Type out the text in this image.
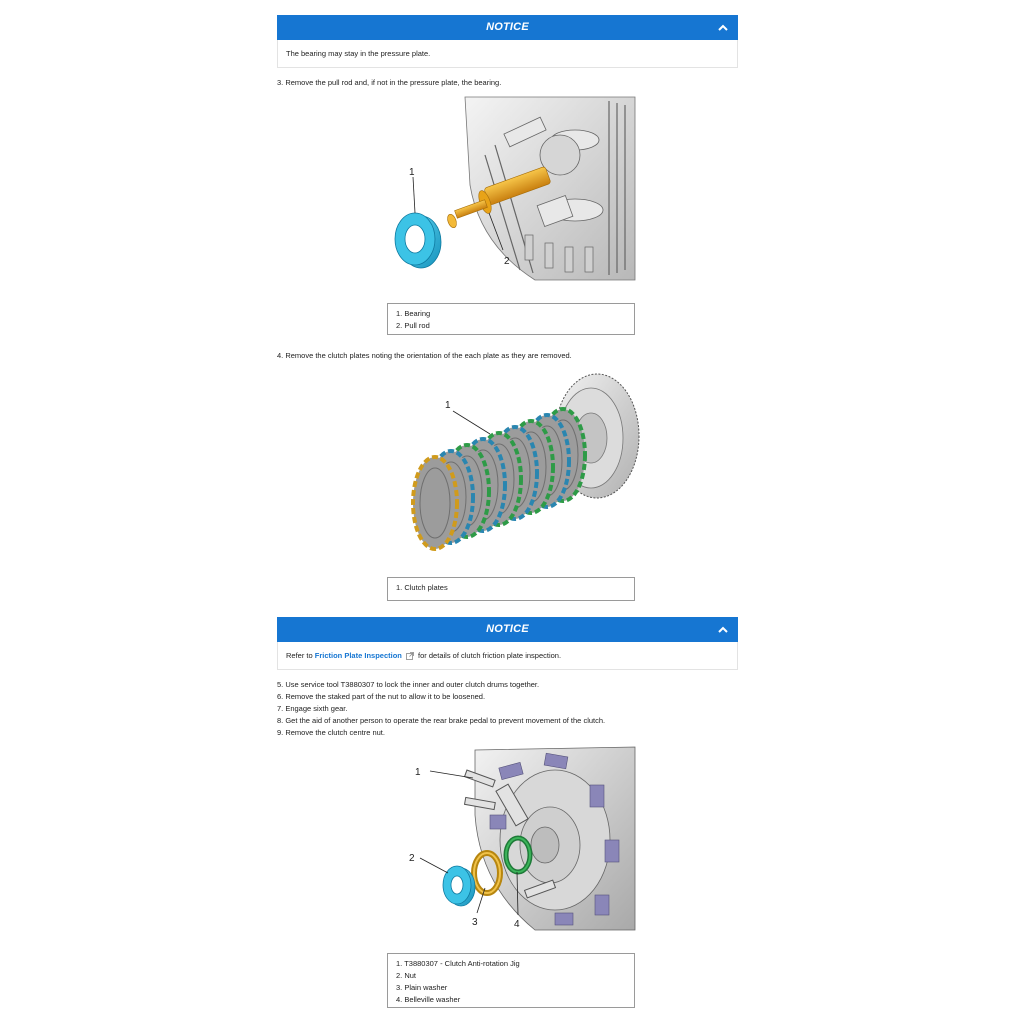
NOTICE
The bearing may stay in the pressure plate.
3. Remove the pull rod and, if not in the pressure plate, the bearing.
1
2
1. Bearing
2. Pull rod
4. Remove the clutch plates noting the orientation of the each plate as they are removed.
1
1. Clutch plates
NOTICE
Refer to Friction Plate Inspection  for details of clutch friction plate inspection.
5. Use service tool T3880307 to lock the inner and outer clutch drums together.
6. Remove the staked part of the nut to allow it to be loosened.
7. Engage sixth gear.
8. Get the aid of another person to operate the rear brake pedal to prevent movement of the clutch.
9. Remove the clutch centre nut.
1
2
3	4
1. T3880307 - Clutch Anti-rotation Jig
2. Nut
3. Plain washer
4. Belleville washer
